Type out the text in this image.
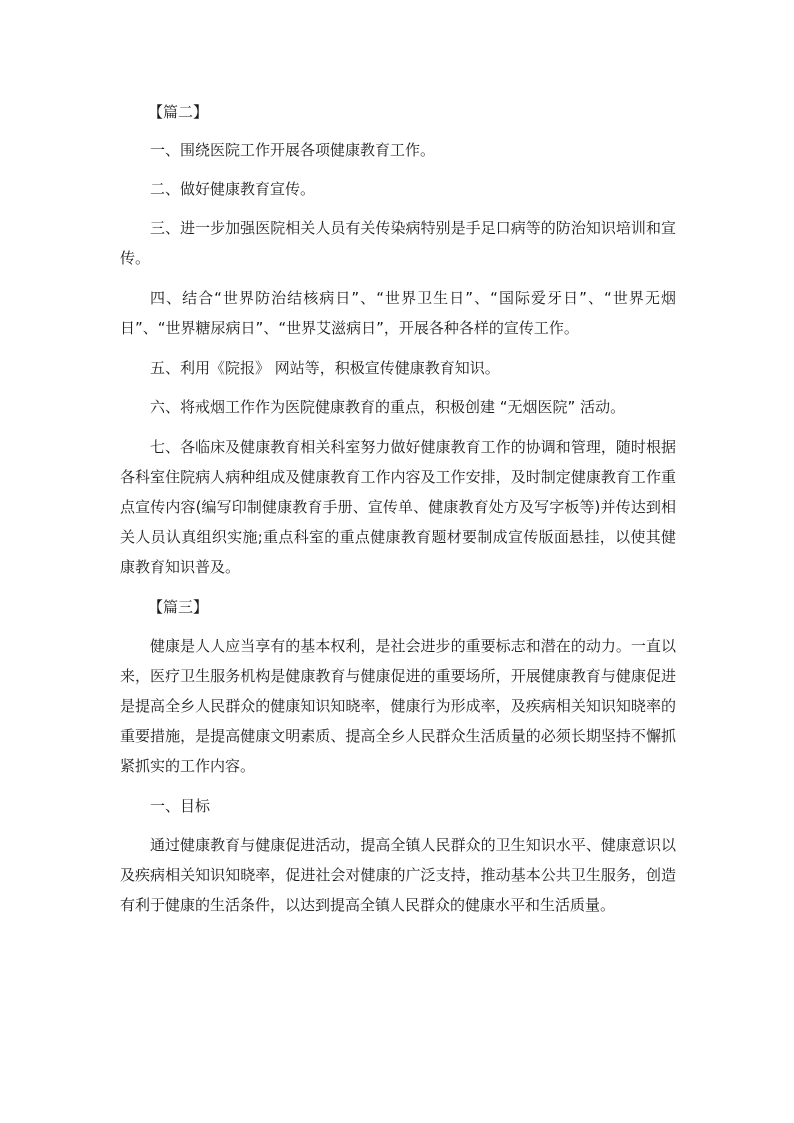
【篇二】

一、围绕医院工作开展各项健康教育工作。

二、做好健康教育宣传。

三、进一步加强医院相关人员有关传染病特别是手足口病等的防治知识培训和宣传。

四、结合“世界防治结核病日”、“世界卫生日”、“国际爱牙日”、“世界无烟日”、“世界糖尿病日”、“世界艾滋病日”，开展各种各样的宣传工作。

五、利用《院报》 网站等，积极宣传健康教育知识。

六、将戒烟工作作为医院健康教育的重点，积极创建 “无烟医院” 活动。

七、各临床及健康教育相关科室努力做好健康教育工作的协调和管理，随时根据各科室住院病人病种组成及健康教育工作内容及工作安排，及时制定健康教育工作重点宣传内容(编写印制健康教育手册、宣传单、健康教育处方及写字板等)并传达到相关人员认真组织实施;重点科室的重点健康教育题材要制成宣传版面悬挂，以使其健康教育知识普及。

【篇三】

健康是人人应当享有的基本权利，是社会进步的重要标志和潜在的动力。一直以来，医疗卫生服务机构是健康教育与健康促进的重要场所，开展健康教育与健康促进是提高全乡人民群众的健康知识知晓率，健康行为形成率，及疾病相关知识知晓率的重要措施，是提高健康文明素质、提高全乡人民群众生活质量的必须长期坚持不懈抓紧抓实的工作内容。

一、目标

通过健康教育与健康促进活动，提高全镇人民群众的卫生知识水平、健康意识以及疾病相关知识知晓率，促进社会对健康的广泛支持，推动基本公共卫生服务，创造有利于健康的生活条件，以达到提高全镇人民群众的健康水平和生活质量。
